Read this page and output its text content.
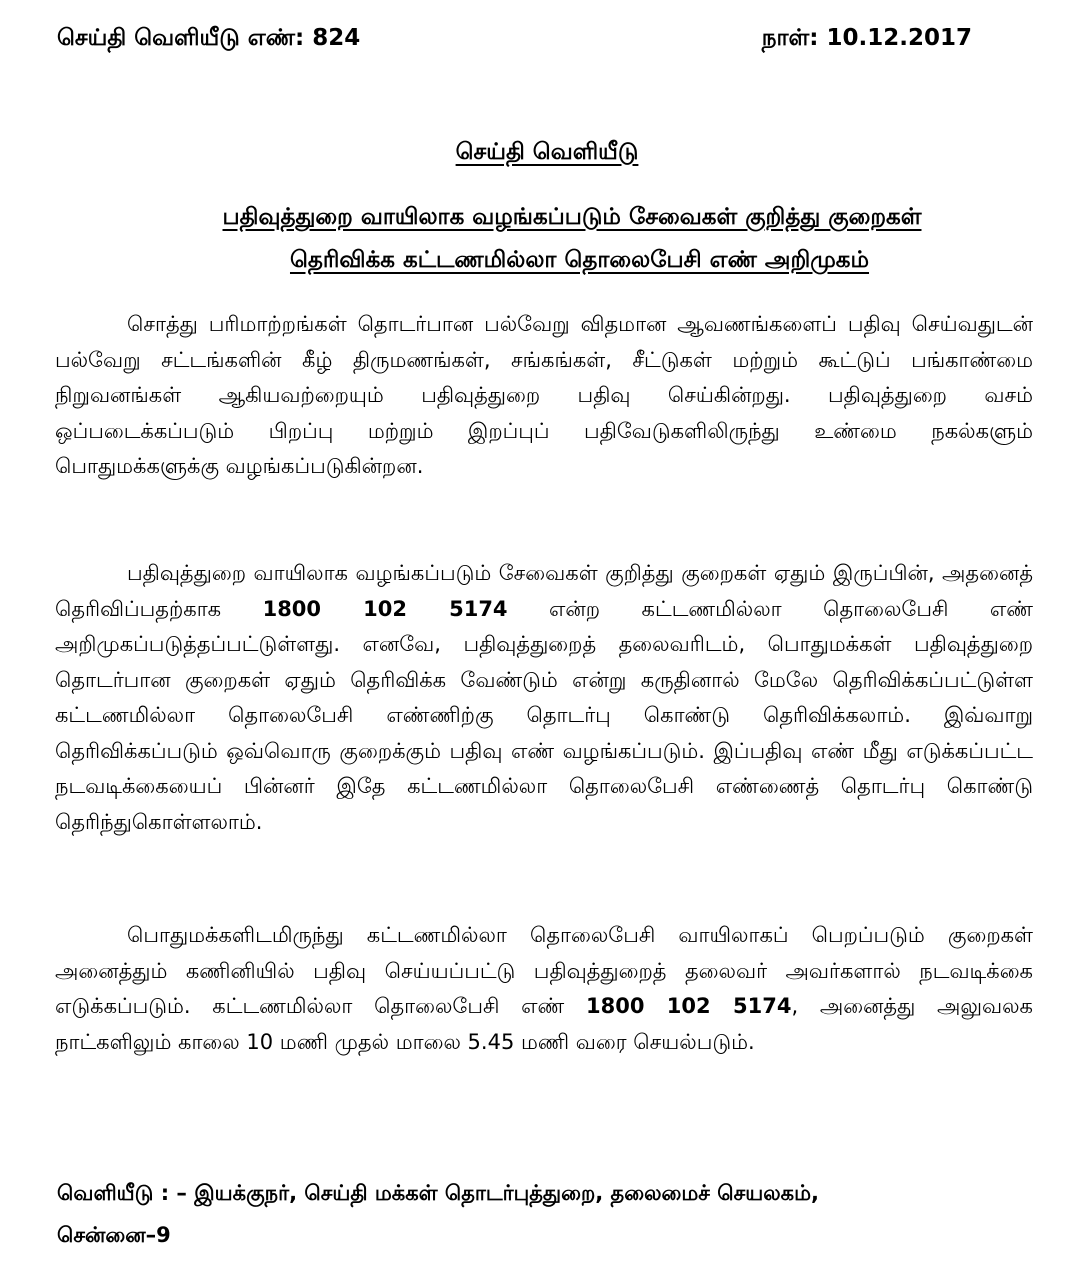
செய்தி வெளியீடு எண்: 824	நாள்: 10.12.2017
செய்தி வெளியீடு
பதிவுத்துறை வாயிலாக வழங்கப்படும் சேவைகள் குறித்து குறைகள்
தெரிவிக்க கட்டணமில்லா தொலைபேசி எண் அறிமுகம்

சொத்து பரிமாற்றங்கள் தொடர்பான பல்வேறு விதமான ஆவணங்களைப் பதிவு செய்வதுடன் பல்வேறு சட்டங்களின் கீழ் திருமணங்கள், சங்கங்கள், சீட்டுகள் மற்றும் கூட்டுப் பங்காண்மை நிறுவனங்கள் ஆகியவற்றையும் பதிவுத்துறை பதிவு செய்கின்றது. பதிவுத்துறை வசம் ஒப்படைக்கப்படும் பிறப்பு மற்றும் இறப்புப் பதிவேடுகளிலிருந்து உண்மை நகல்களும் பொதுமக்களுக்கு வழங்கப்படுகின்றன.

பதிவுத்துறை வாயிலாக வழங்கப்படும் சேவைகள் குறித்து குறைகள் ஏதும் இருப்பின், அதனைத் தெரிவிப்பதற்காக 1800 102 5174 என்ற கட்டணமில்லா தொலைபேசி எண் அறிமுகப்படுத்தப்பட்டுள்ளது. எனவே, பதிவுத்துறைத் தலைவரிடம், பொதுமக்கள் பதிவுத்துறை தொடர்பான குறைகள் ஏதும் தெரிவிக்க வேண்டும் என்று கருதினால் மேலே தெரிவிக்கப்பட்டுள்ள கட்டணமில்லா தொலைபேசி எண்ணிற்கு தொடர்பு கொண்டு தெரிவிக்கலாம். இவ்வாறு தெரிவிக்கப்படும் ஒவ்வொரு குறைக்கும் பதிவு எண் வழங்கப்படும். இப்பதிவு எண் மீது எடுக்கப்பட்ட நடவடிக்கையைப் பின்னர் இதே கட்டணமில்லா தொலைபேசி எண்ணைத் தொடர்பு கொண்டு தெரிந்துகொள்ளலாம்.

பொதுமக்களிடமிருந்து கட்டணமில்லா தொலைபேசி வாயிலாகப் பெறப்படும் குறைகள் அனைத்தும் கணினியில் பதிவு செய்யப்பட்டு பதிவுத்துறைத் தலைவர் அவர்களால் நடவடிக்கை எடுக்கப்படும். கட்டணமில்லா தொலைபேசி எண் 1800 102 5174, அனைத்து அலுவலக நாட்களிலும் காலை 10 மணி முதல் மாலை 5.45 மணி வரை செயல்படும்.

வெளியீடு : – இயக்குநர், செய்தி மக்கள் தொடர்புத்துறை, தலைமைச் செயலகம்,
சென்னை–9
